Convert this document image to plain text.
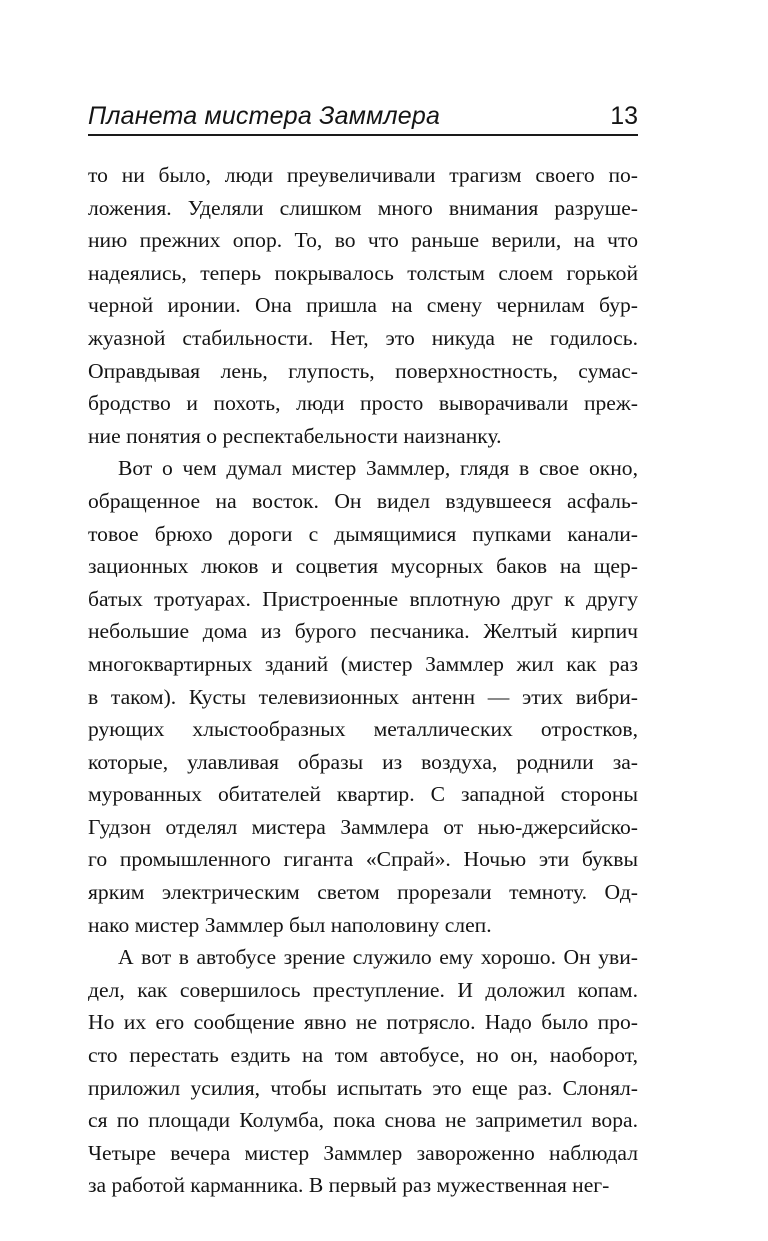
Планета мистера Заммлера	13
то ни было, люди преувеличивали трагизм своего по-
ложения. Уделяли слишком много внимания разруше-
нию прежних опор. То, во что раньше верили, на что
надеялись, теперь покрывалось толстым слоем горькой
черной иронии. Она пришла на смену чернилам бур-
жуазной стабильности. Нет, это никуда не годилось.
Оправдывая лень, глупость, поверхностность, сумас-
бродство и похоть, люди просто выворачивали преж-
ние понятия о респектабельности наизнанку.
Вот о чем думал мистер Заммлер, глядя в свое окно,
обращенное на восток. Он видел вздувшееся асфаль-
товое брюхо дороги с дымящимися пупками канали-
зационных люков и соцветия мусорных баков на щер-
батых тротуарах. Пристроенные вплотную друг к другу
небольшие дома из бурого песчаника. Желтый кирпич
многоквартирных зданий (мистер Заммлер жил как раз
в таком). Кусты телевизионных антенн — этих вибри-
рующих хлыстообразных металлических отростков,
которые, улавливая образы из воздуха, роднили за-
мурованных обитателей квартир. С западной стороны
Гудзон отделял мистера Заммлера от нью-джерсийско-
го промышленного гиганта «Спрай». Ночью эти буквы
ярким электрическим светом прорезали темноту. Од-
нако мистер Заммлер был наполовину слеп.
А вот в автобусе зрение служило ему хорошо. Он уви-
дел, как совершилось преступление. И доложил копам.
Но их его сообщение явно не потрясло. Надо было про-
сто перестать ездить на том автобусе, но он, наоборот,
приложил усилия, чтобы испытать это еще раз. Слонял-
ся по площади Колумба, пока снова не заприметил вора.
Четыре вечера мистер Заммлер завороженно наблюдал
за работой карманника. В первый раз мужественная нег-
